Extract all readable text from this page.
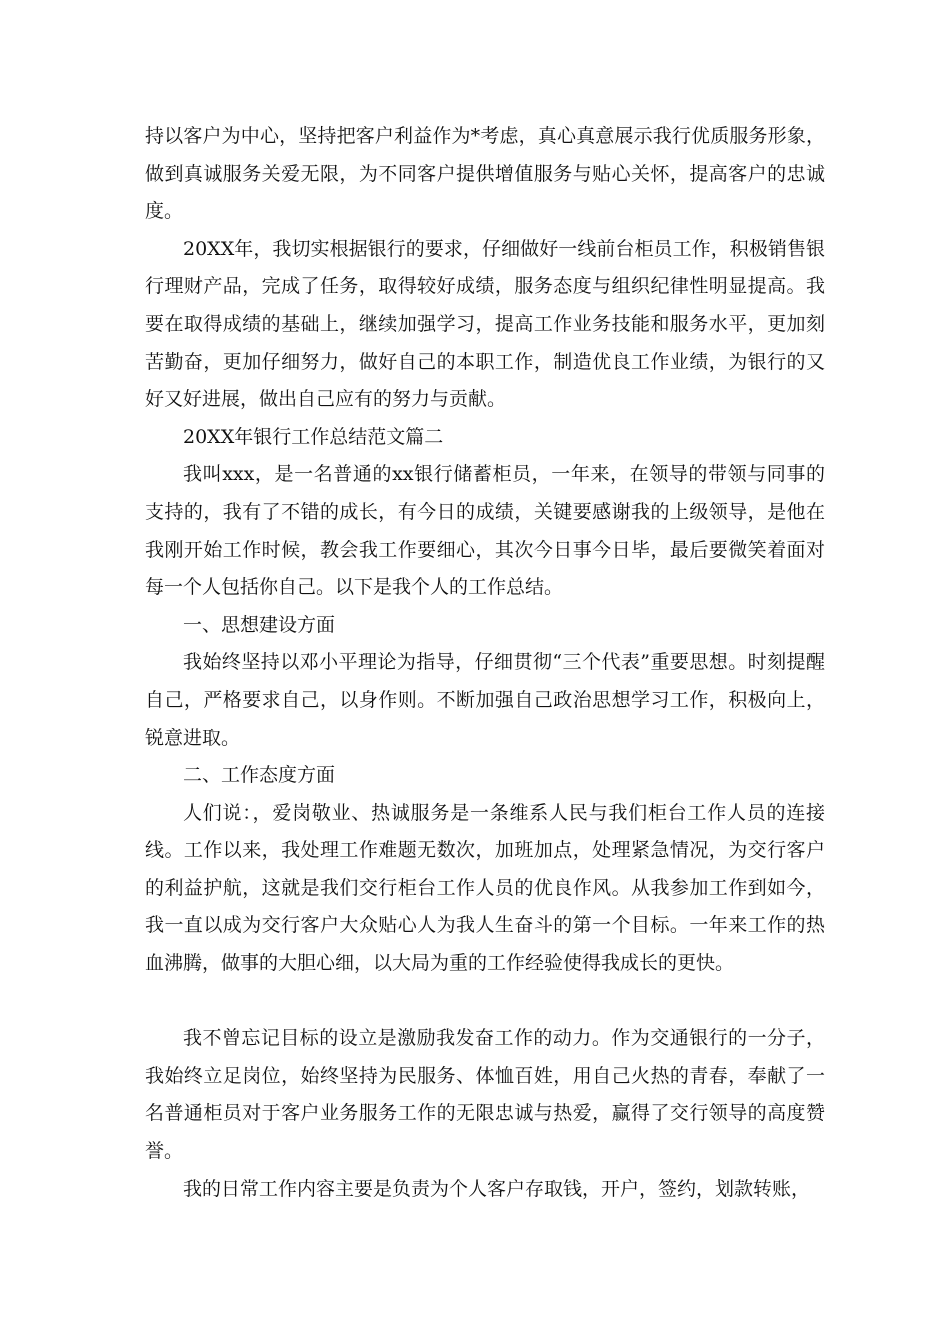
持以客户为中心，坚持把客户利益作为*考虑，真心真意展示我行优质服务形象，做到真诚服务关爱无限，为不同客户提供增值服务与贴心关怀，提高客户的忠诚度。

20XX年，我切实根据银行的要求，仔细做好一线前台柜员工作，积极销售银行理财产品，完成了任务，取得较好成绩，服务态度与组织纪律性明显提高。我要在取得成绩的基础上，继续加强学习，提高工作业务技能和服务水平，更加刻苦勤奋，更加仔细努力，做好自己的本职工作，制造优良工作业绩，为银行的又好又好进展，做出自己应有的努力与贡献。

20XX年银行工作总结范文篇二

我叫xxx，是一名普通的xx银行储蓄柜员，一年来，在领导的带领与同事的支持的，我有了不错的成长，有今日的成绩，关键要感谢我的上级领导，是他在我刚开始工作时候，教会我工作要细心，其次今日事今日毕，最后要微笑着面对每一个人包括你自己。以下是我个人的工作总结。

一、思想建设方面

我始终坚持以邓小平理论为指导，仔细贯彻“三个代表”重要思想。时刻提醒自己，严格要求自己，以身作则。不断加强自己政治思想学习工作，积极向上，锐意进取。

二、工作态度方面

人们说：，爱岗敬业、热诚服务是一条维系人民与我们柜台工作人员的连接线。工作以来，我处理工作难题无数次，加班加点，处理紧急情况，为交行客户的利益护航，这就是我们交行柜台工作人员的优良作风。从我参加工作到如今，我一直以成为交行客户大众贴心人为我人生奋斗的第一个目标。一年来工作的热血沸腾，做事的大胆心细，以大局为重的工作经验使得我成长的更快。

我不曾忘记目标的设立是激励我发奋工作的动力。作为交通银行的一分子，我始终立足岗位，始终坚持为民服务、体恤百姓，用自己火热的青春，奉献了一名普通柜员对于客户业务服务工作的无限忠诚与热爱，赢得了交行领导的高度赞誉。

我的日常工作内容主要是负责为个人客户存取钱，开户，签约，划款转账，
